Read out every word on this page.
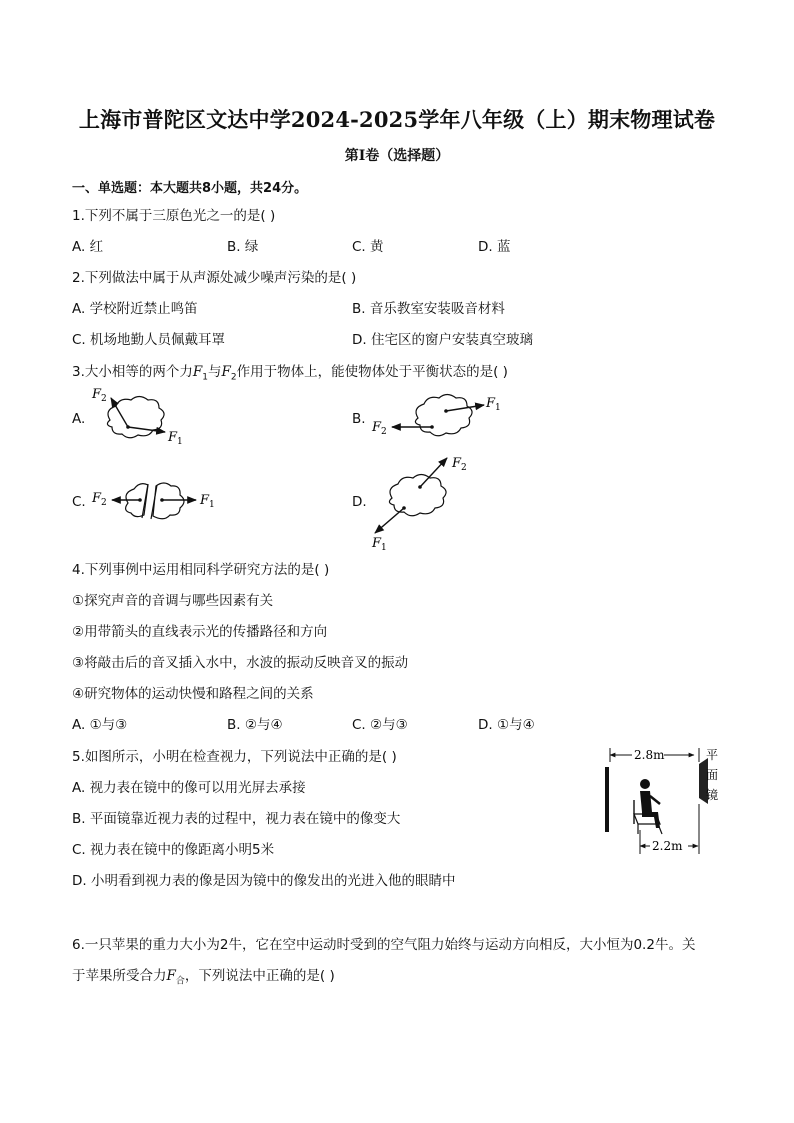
上海市普陀区文达中学2024-2025学年八年级（上）期末物理试卷
第I卷（选择题）
一、单选题：本大题共8小题，共24分。
1.下列不属于三原色光之一的是( )
A. 红	B. 绿	C. 黄	D. 蓝
2.下列做法中属于从声源处减少噪声污染的是( )
A. 学校附近禁止鸣笛	B. 音乐教室安装吸音材料
C. 机场地勤人员佩戴耳罩	D. 住宅区的窗户安装真空玻璃
3.大小相等的两个力$F_1$与$F_2$作用于物体上，能使物体处于平衡状态的是( )
A.	B.
C.	D.
$F_2$
$F_1$
$F_1$
$F_2$
$F_2$	$F_1$
$F_2$
$F_1$
4.下列事例中运用相同科学研究方法的是( )
①探究声音的音调与哪些因素有关
②用带箭头的直线表示光的传播路径和方向
③将敲击后的音叉插入水中，水波的振动反映音叉的振动
④研究物体的运动快慢和路程之间的关系
A. ①与③	B. ②与④	C. ②与③	D. ①与④
5.如图所示，小明在检查视力，下列说法中正确的是( )
A. 视力表在镜中的像可以用光屏去承接
B. 平面镜靠近视力表的过程中，视力表在镜中的像变大
C. 视力表在镜中的像距离小明5米
D. 小明看到视力表的像是因为镜中的像发出的光进入他的眼睛中
2.8m	平
面
镜
2.2m
6.一只苹果的重力大小为2牛，它在空中运动时受到的空气阻力始终与运动方向相反，大小恒为0.2牛。关
于苹果所受合力$F_合$，下列说法中正确的是( )
